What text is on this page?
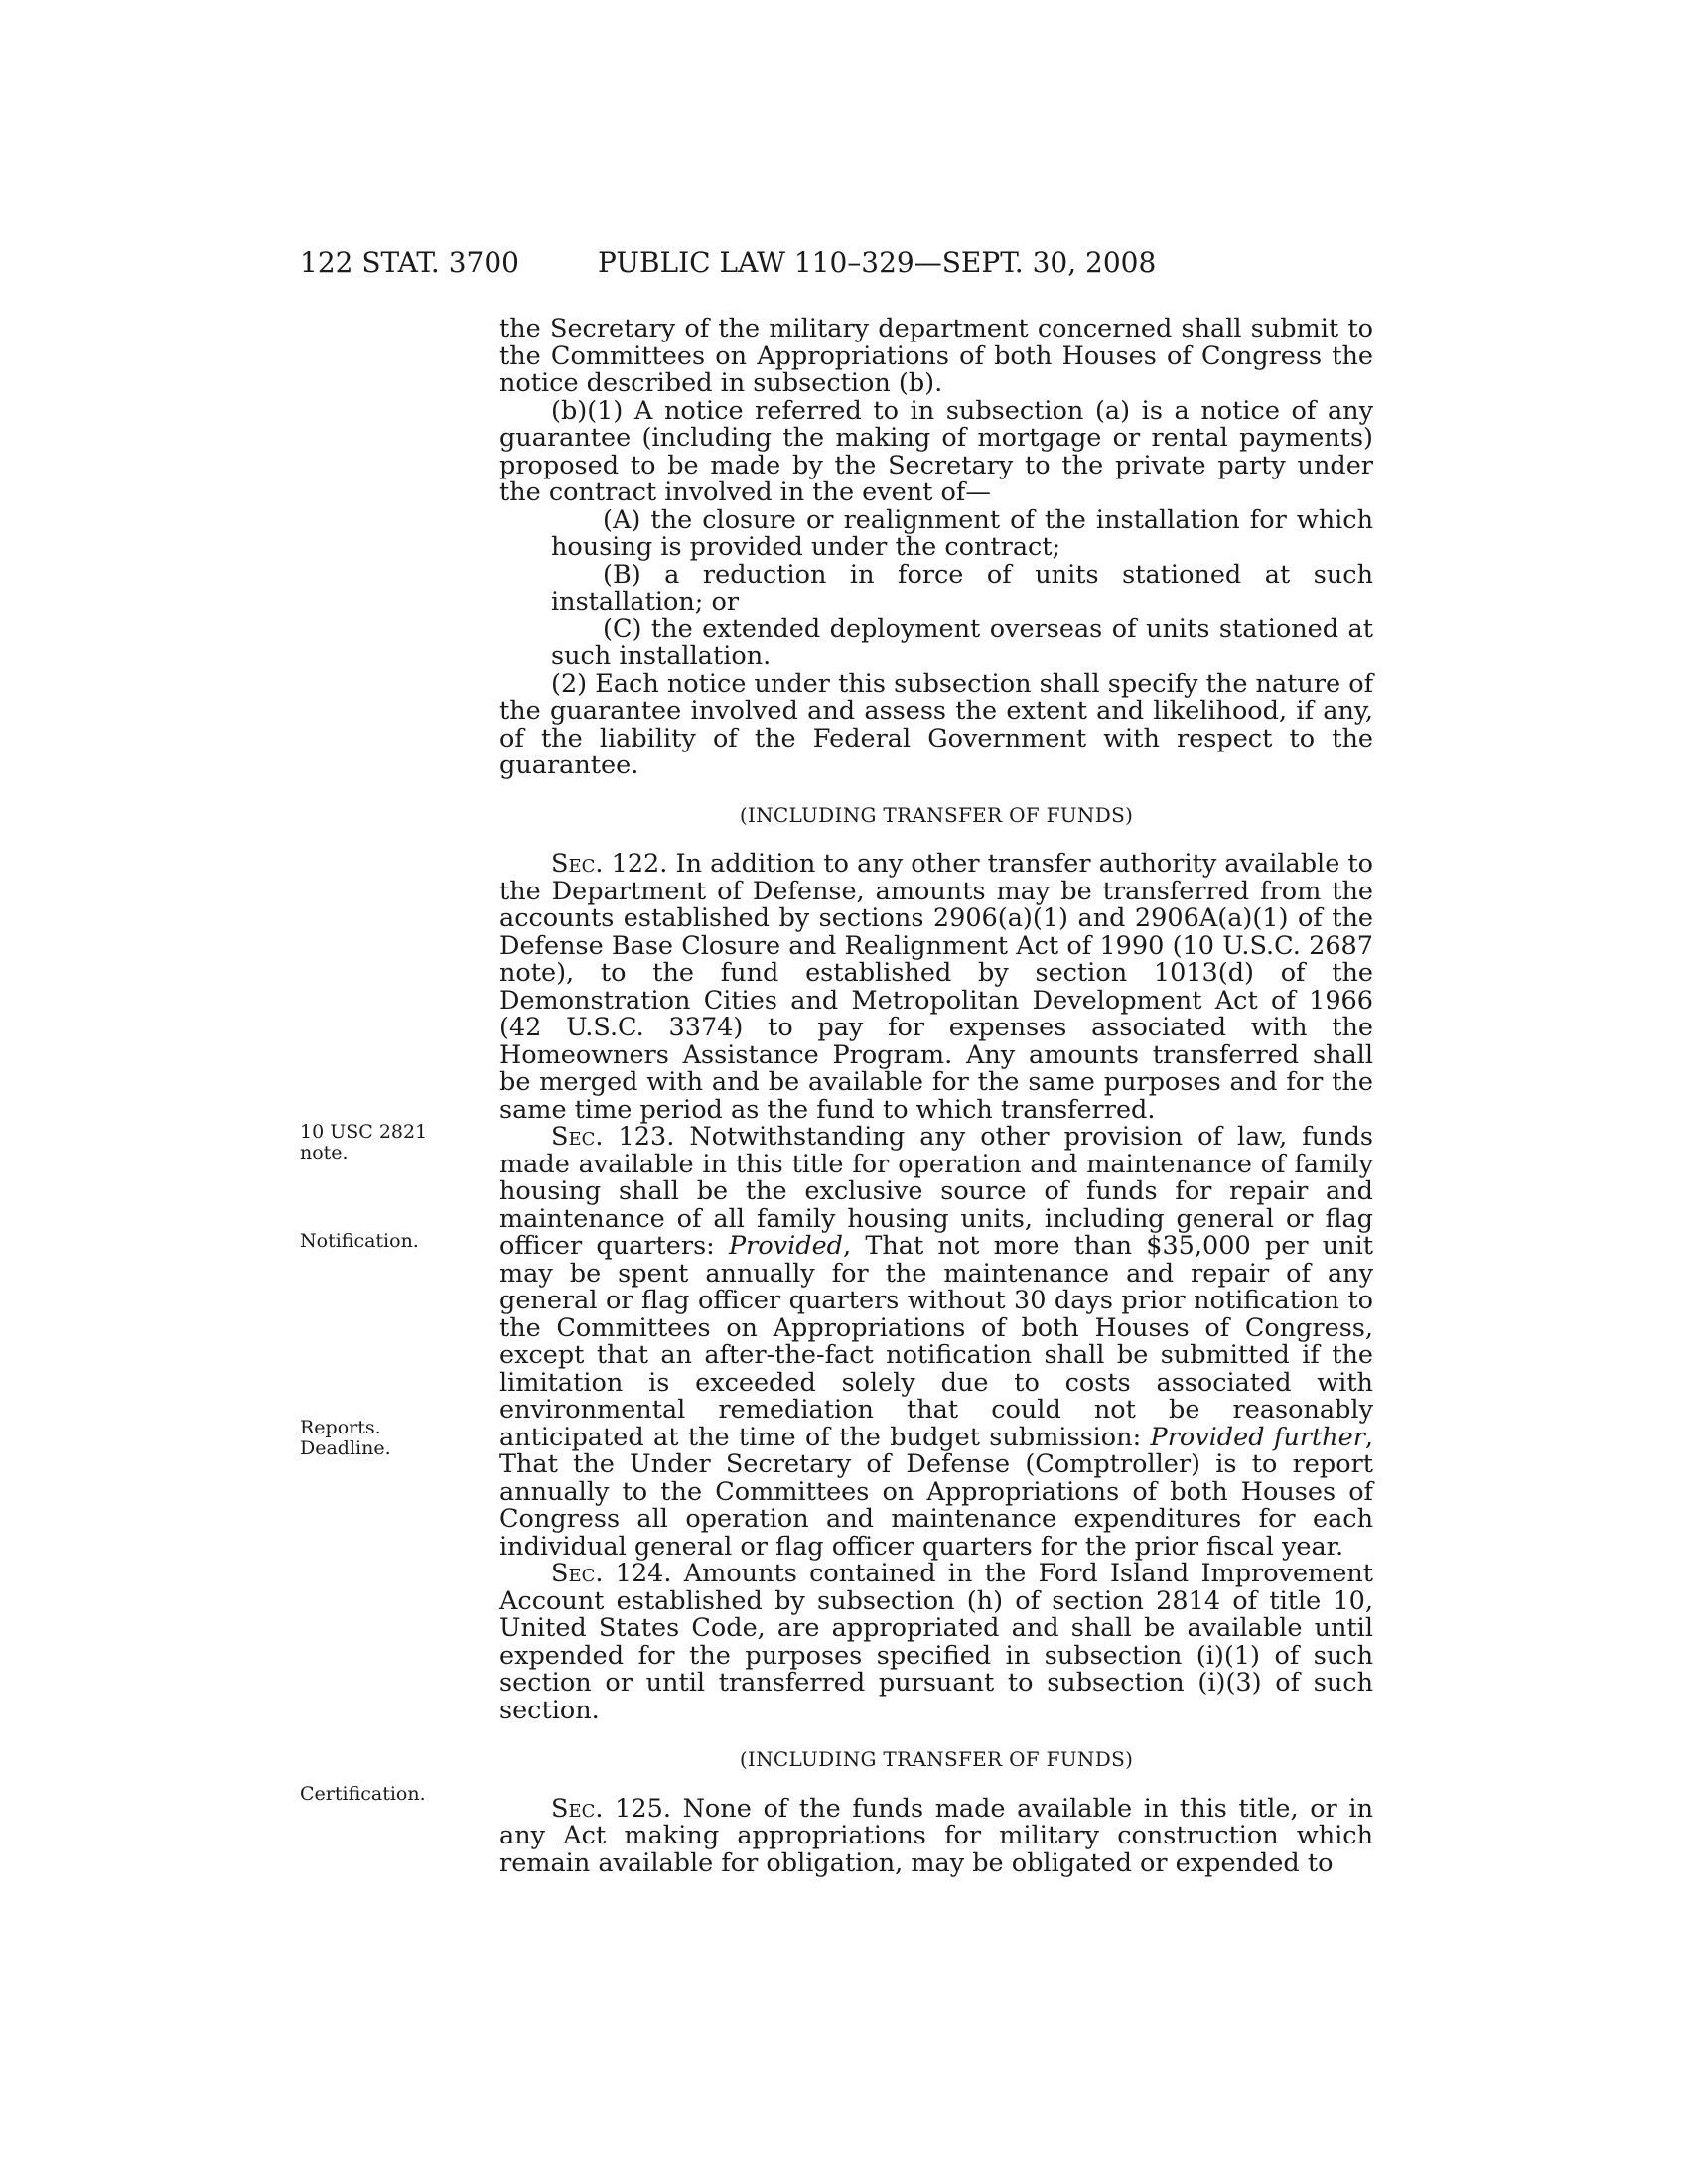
122 STAT. 3700	PUBLIC LAW 110–329—SEPT. 30, 2008
10 USC 2821
note.
Notification.
Reports.
Deadline.
Certification.

the Secretary of the military department concerned shall submit to the Committees on Appropriations of both Houses of Congress the notice described in subsection (b).

(b)(1) A notice referred to in subsection (a) is a notice of any guarantee (including the making of mortgage or rental payments) proposed to be made by the Secretary to the private party under the contract involved in the event of—

(A) the closure or realignment of the installation for which housing is provided under the contract;

(B) a reduction in force of units stationed at such installation; or

(C) the extended deployment overseas of units stationed at such installation.

(2) Each notice under this subsection shall specify the nature of the guarantee involved and assess the extent and likelihood, if any, of the liability of the Federal Government with respect to the guarantee.

(INCLUDING TRANSFER OF FUNDS)

Sec. 122. In addition to any other transfer authority available to the Department of Defense, amounts may be transferred from the accounts established by sections 2906(a)(1) and 2906A(a)(1) of the Defense Base Closure and Realignment Act of 1990 (10 U.S.C. 2687 note), to the fund established by section 1013(d) of the Demonstration Cities and Metropolitan Development Act of 1966 (42 U.S.C. 3374) to pay for expenses associated with the Homeowners Assistance Program. Any amounts transferred shall be merged with and be available for the same purposes and for the same time period as the fund to which transferred.

Sec. 123. Notwithstanding any other provision of law, funds made available in this title for operation and maintenance of family housing shall be the exclusive source of funds for repair and maintenance of all family housing units, including general or flag officer quarters: Provided, That not more than $35,000 per unit may be spent annually for the maintenance and repair of any general or flag officer quarters without 30 days prior notification to the Committees on Appropriations of both Houses of Congress, except that an after-the-fact notification shall be submitted if the limitation is exceeded solely due to costs associated with environmental remediation that could not be reasonably anticipated at the time of the budget submission: Provided further, That the Under Secretary of Defense (Comptroller) is to report annually to the Committees on Appropriations of both Houses of Congress all operation and maintenance expenditures for each individual general or flag officer quarters for the prior fiscal year.

Sec. 124. Amounts contained in the Ford Island Improvement Account established by subsection (h) of section 2814 of title 10, United States Code, are appropriated and shall be available until expended for the purposes specified in subsection (i)(1) of such section or until transferred pursuant to subsection (i)(3) of such section.

(INCLUDING TRANSFER OF FUNDS)

Sec. 125. None of the funds made available in this title, or in any Act making appropriations for military construction which remain available for obligation, may be obligated or expended to
